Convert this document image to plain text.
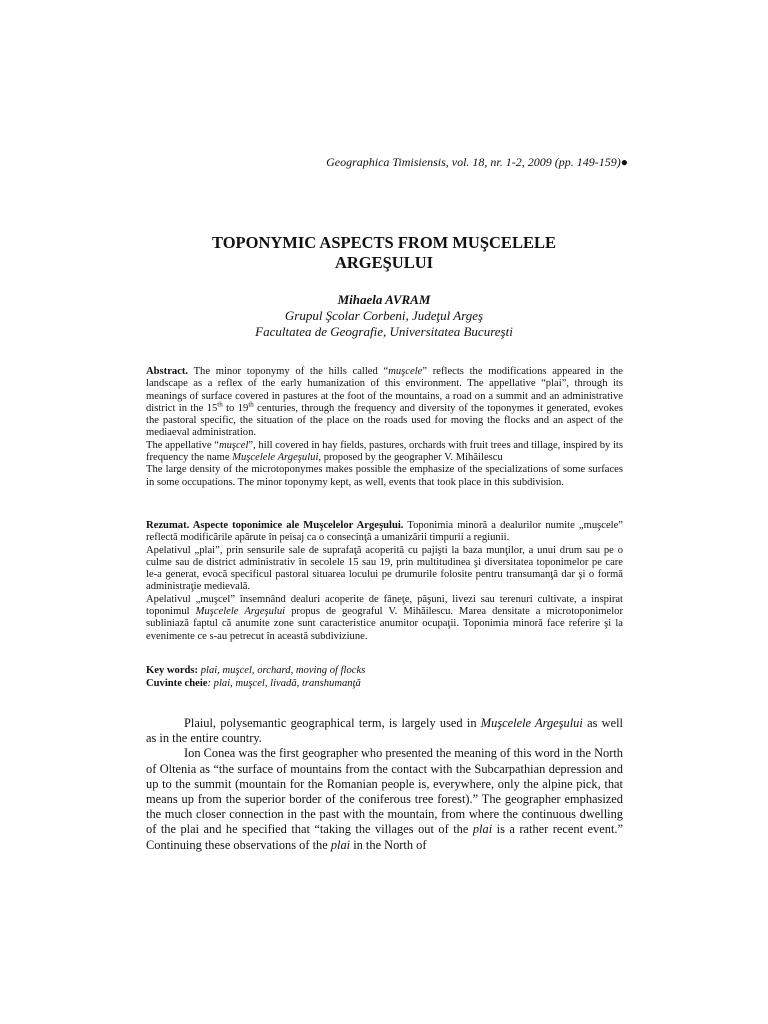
Geographica Timisiensis, vol. 18, nr. 1-2, 2009 (pp. 149-159)●
TOPONYMIC ASPECTS FROM MUŞCELELE
ARGEŞULUI
Mihaela AVRAM
Grupul Şcolar Corbeni, Judeţul Argeş
Facultatea de Geografie, Universitatea Bucureşti

Abstract. The minor toponymy of the hills called “muşcele” reflects the modifications appeared in the landscape as a reflex of the early humanization of this environment. The appellative “plai”, through its meanings of surface covered in pastures at the foot of the mountains, a road on a summit and an administrative district in the 15th to 19th centuries, through the frequency and diversity of the toponymes it generated, evokes the pastoral specific, the situation of the place on the roads used for moving the flocks and an aspect of the mediaeval administration.

The appellative “muşcel”, hill covered in hay fields, pastures, orchards with fruit trees and tillage, inspired by its frequency the name Muşcelele Argeşului, proposed by the geographer V. Mihăilescu

The large density of the microtoponymes makes possible the emphasize of the specializations of some surfaces in some occupations. The minor toponymy kept, as well, events that took place in this subdivision.

Rezumat. Aspecte toponimice ale Muşcelelor Argeşului. Toponimia minoră a dealurilor numite „muşcele” reflectă modificările apărute în peisaj ca o consecinţă a umanizării timpurii a regiunii.

Apelativul „plai”, prin sensurile sale de suprafaţă acoperită cu pajişti la baza munţilor, a unui drum sau pe o culme sau de district administrativ în secolele 15 sau 19, prin multitudinea şi diversitatea toponimelor pe care le-a generat, evocă specificul pastoral situarea locului pe drumurile folosite pentru transumanţă dar şi o formă administraţie medievală.

Apelativul „muşcel” însemnând dealuri acoperite de fâneţe, păşuni, livezi sau terenuri cultivate, a inspirat toponimul Muşcelele Argeşului propus de geograful V. Mihăilescu. Marea densitate a microtoponimelor subliniază faptul că anumite zone sunt caracteristice anumitor ocupaţii. Toponimia minoră face referire şi la evenimente ce s-au petrecut în această subdiviziune.

Key words: plai, muşcel, orchard, moving of flocks

Cuvinte cheie: plai, muşcel, livadă, transhumanţă

Plaiul, polysemantic geographical term, is largely used in Muşcelele Argeşului as well as in the entire country.

Ion Conea was the first geographer who presented the meaning of this word in the North of Oltenia as “the surface of mountains from the contact with the Subcarpathian depression and up to the summit (mountain for the Romanian people is, everywhere, only the alpine pick, that means up from the superior border of the coniferous tree forest).” The geographer emphasized the much closer connection in the past with the mountain, from where the continuous dwelling of the plai and he specified that “taking the villages out of the plai is a rather recent event.” Continuing these observations of the plai in the North of
